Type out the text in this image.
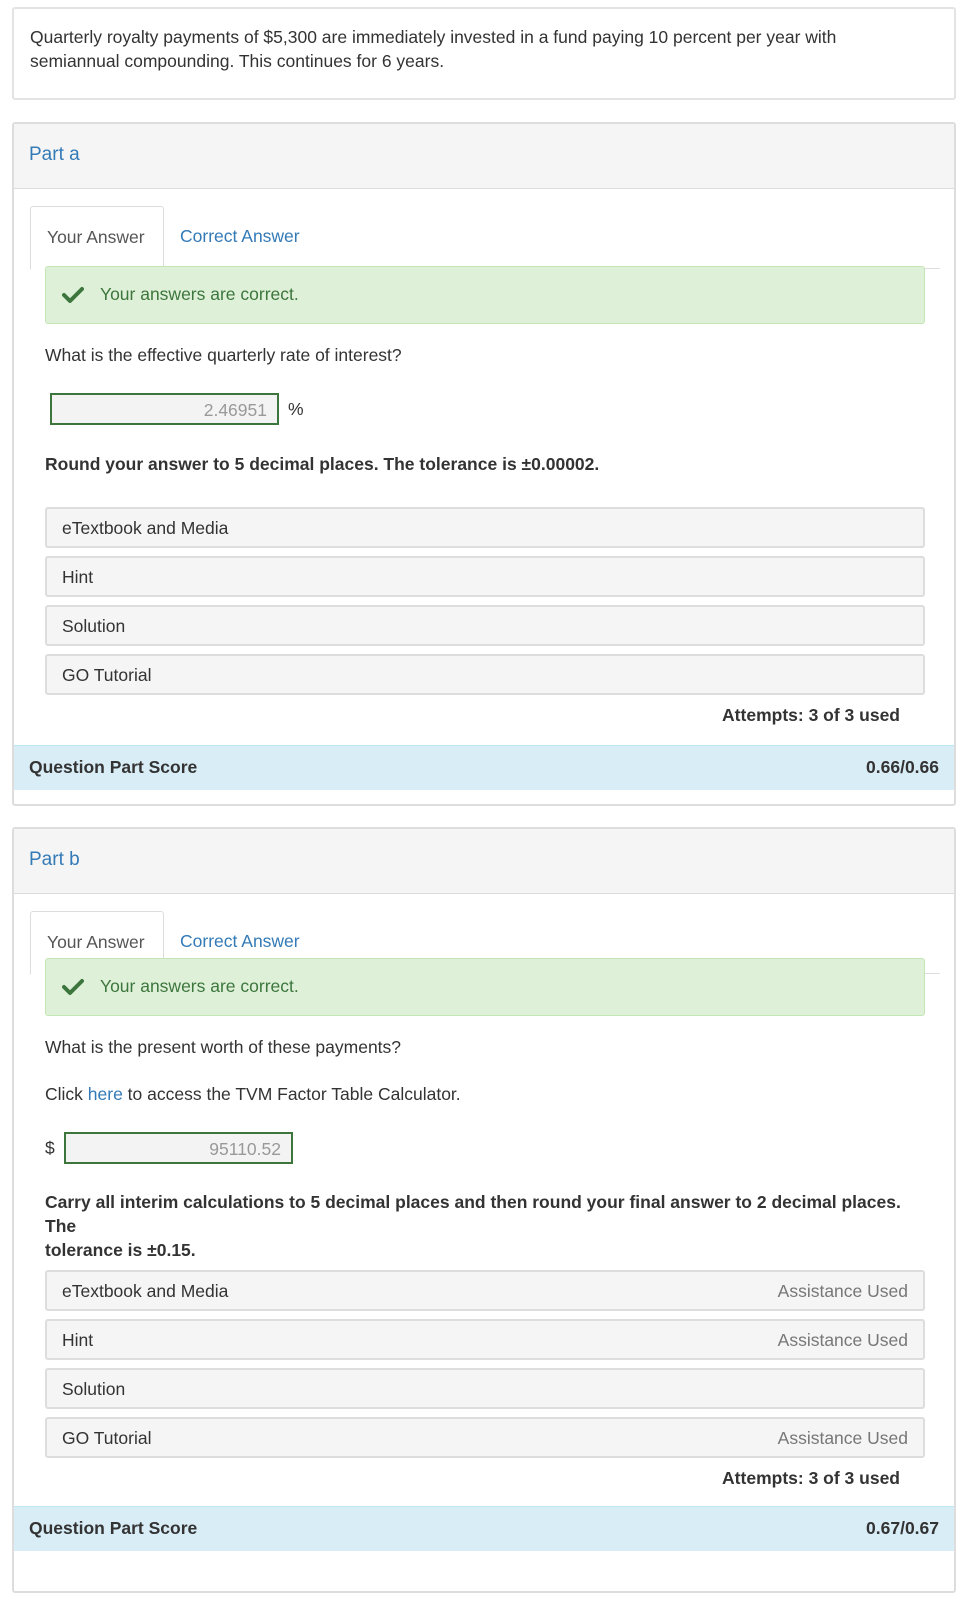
Quarterly royalty payments of $5,300 are immediately invested in a fund paying 10 percent per year with
semiannual compounding. This continues for 6 years.
Part a
Your Answer	Correct Answer
Your answers are correct.
What is the effective quarterly rate of interest?
2.46951	%
Round your answer to 5 decimal places. The tolerance is ±0.00002.
eTextbook and Media
Hint
Solution
GO Tutorial
Attempts: 3 of 3 used
Question Part Score	0.66/0.66
Part b
Your Answer	Correct Answer
Your answers are correct.
What is the present worth of these payments?
Click here to access the TVM Factor Table Calculator.
$	95110.52
Carry all interim calculations to 5 decimal places and then round your final answer to 2 decimal places. The
tolerance is ±0.15.
eTextbook and Media	Assistance Used
Hint	Assistance Used
Solution
GO Tutorial	Assistance Used
Attempts: 3 of 3 used
Question Part Score	0.67/0.67
